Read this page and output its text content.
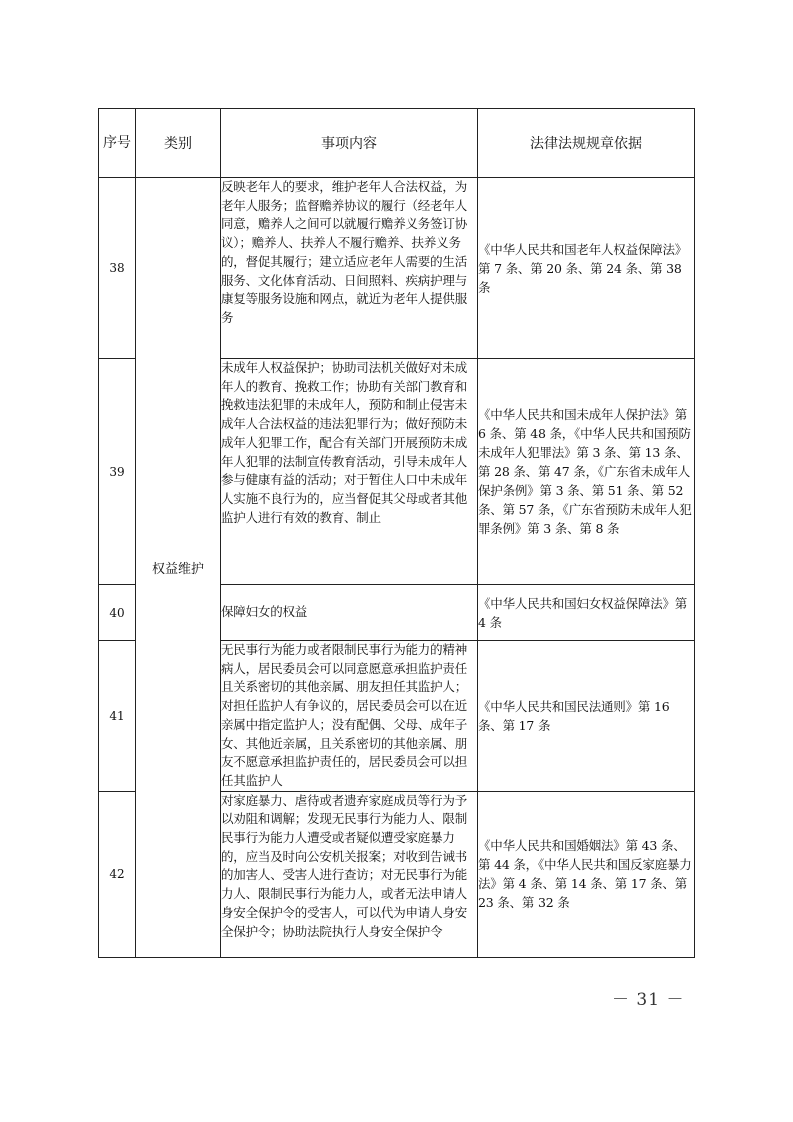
序号	类别	事项内容	法律法规规章依据
38	权益维护	反映老年人的要求，维护老年人合法权益，为老年人服务；监督赡养协议的履行（经老年人同意，赡养人之间可以就履行赡养义务签订协议）；赡养人、扶养人不履行赡养、扶养义务的，督促其履行；建立适应老年人需要的生活服务、文化体育活动、日间照料、疾病护理与康复等服务设施和网点，就近为老年人提供服务	《中华人民共和国老年人权益保障法》第 7 条、第 20 条、第 24 条、第 38 条
39		未成年人权益保护；协助司法机关做好对未成年人的教育、挽救工作；协助有关部门教育和挽救违法犯罪的未成年人，预防和制止侵害未成年人合法权益的违法犯罪行为；做好预防未成年人犯罪工作，配合有关部门开展预防未成年人犯罪的法制宣传教育活动，引导未成年人参与健康有益的活动；对于暂住人口中未成年人实施不良行为的，应当督促其父母或者其他监护人进行有效的教育、制止	《中华人民共和国未成年人保护法》第 6 条、第 48 条，《中华人民共和国预防未成年人犯罪法》第 3 条、第 13 条、第 28 条、第 47 条，《广东省未成年人保护条例》第 3 条、第 51 条、第 52 条、第 57 条，《广东省预防未成年人犯罪条例》第 3 条、第 8 条
40		保障妇女的权益	《中华人民共和国妇女权益保障法》第 4 条
41		无民事行为能力或者限制民事行为能力的精神病人，居民委员会可以同意愿意承担监护责任且关系密切的其他亲属、朋友担任其监护人；对担任监护人有争议的，居民委员会可以在近亲属中指定监护人；没有配偶、父母、成年子女、其他近亲属，且关系密切的其他亲属、朋友不愿意承担监护责任的，居民委员会可以担任其监护人	《中华人民共和国民法通则》第 16 条、第 17 条
42		对家庭暴力、虐待或者遗弃家庭成员等行为予以劝阻和调解；发现无民事行为能力人、限制民事行为能力人遭受或者疑似遭受家庭暴力的，应当及时向公安机关报案；对收到告诫书的加害人、受害人进行查访；对无民事行为能力人、限制民事行为能力人，或者无法申请人身安全保护令的受害人，可以代为申请人身安全保护令；协助法院执行人身安全保护令	《中华人民共和国婚姻法》第 43 条、第 44 条，《中华人民共和国反家庭暴力法》第 4 条、第 14 条、第 17 条、第 23 条、第 32 条
－ 31 －
